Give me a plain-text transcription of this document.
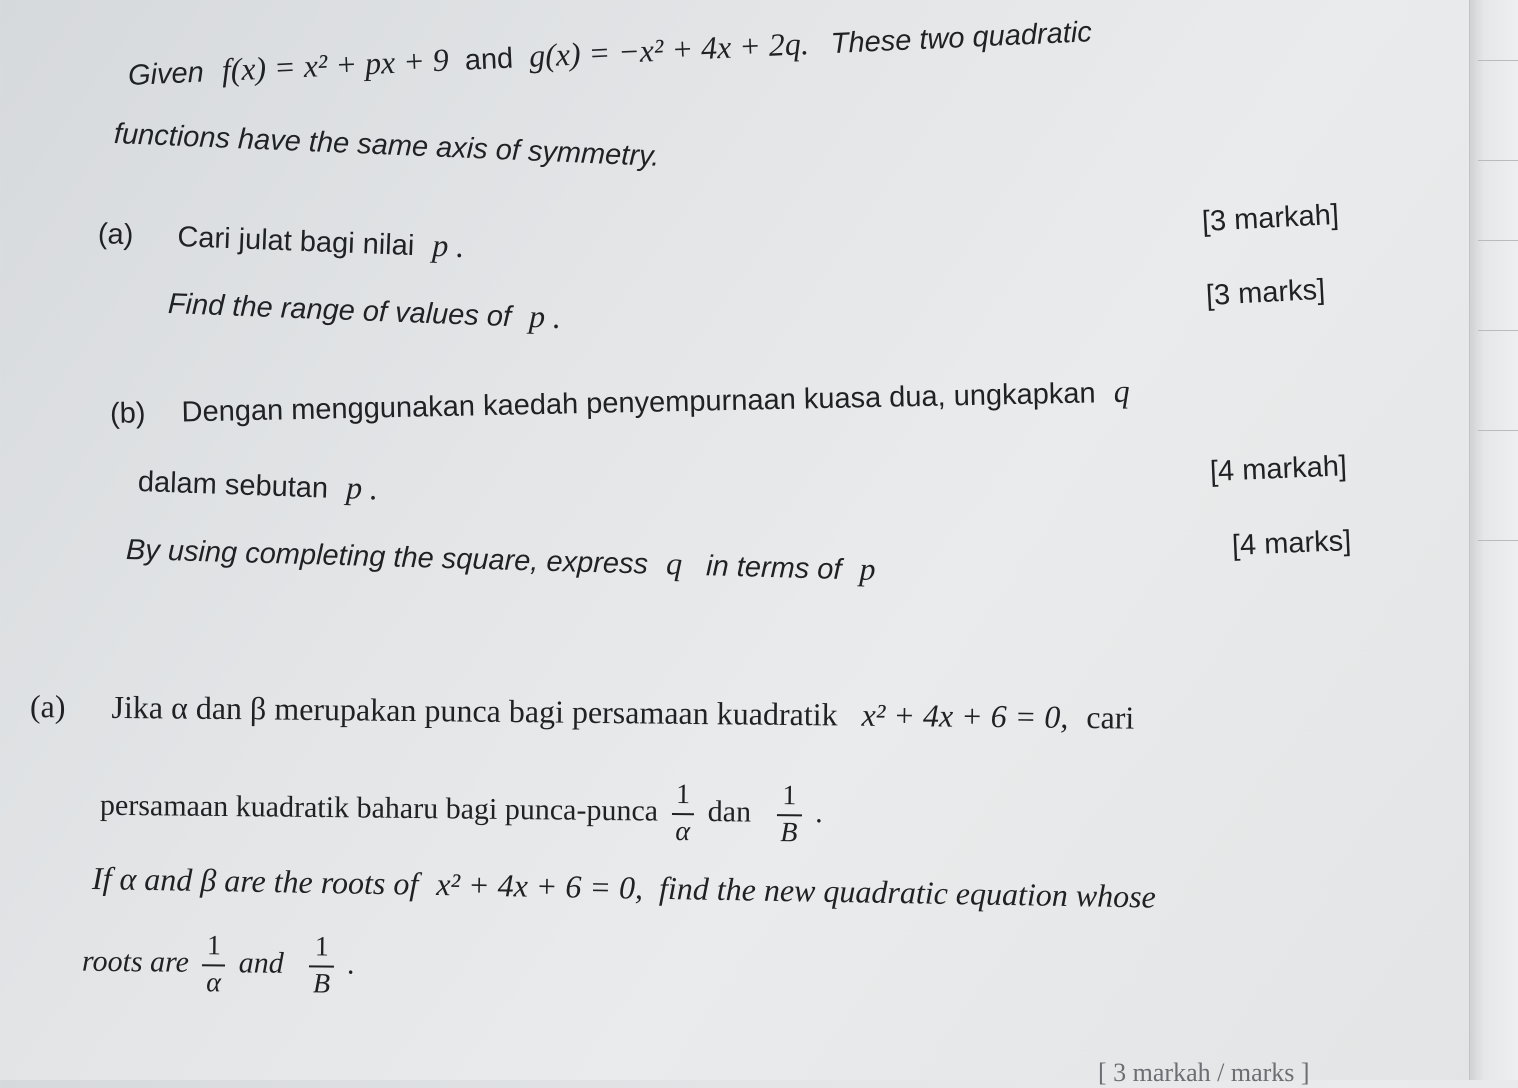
Given f(x) = x² + px + 9 and g(x) = −x² + 4x + 2q. These two quadratic
functions have the same axis of symmetry.
(a) Cari julat bagi nilai p .
Find the range of values of p .
[3 markah]
[3 marks]
(b) Dengan menggunakan kaedah penyempurnaan kuasa dua, ungkapkan q
dalam sebutan p .
By using completing the square, express q in terms of p
[4 markah]
[4 marks]
(a) Jika α dan β merupakan punca bagi persamaan kuadratik x² + 4x + 6 = 0, cari
persamaan kuadratik baharu bagi punca-punca $\frac{1}{\alpha}$ dan $\frac{1}{B}$ .
If α and β are the roots of x² + 4x + 6 = 0, find the new quadratic equation whose
roots are $\frac{1}{\alpha}$ and $\frac{1}{B}$ .
[ 3 markah / marks ]
